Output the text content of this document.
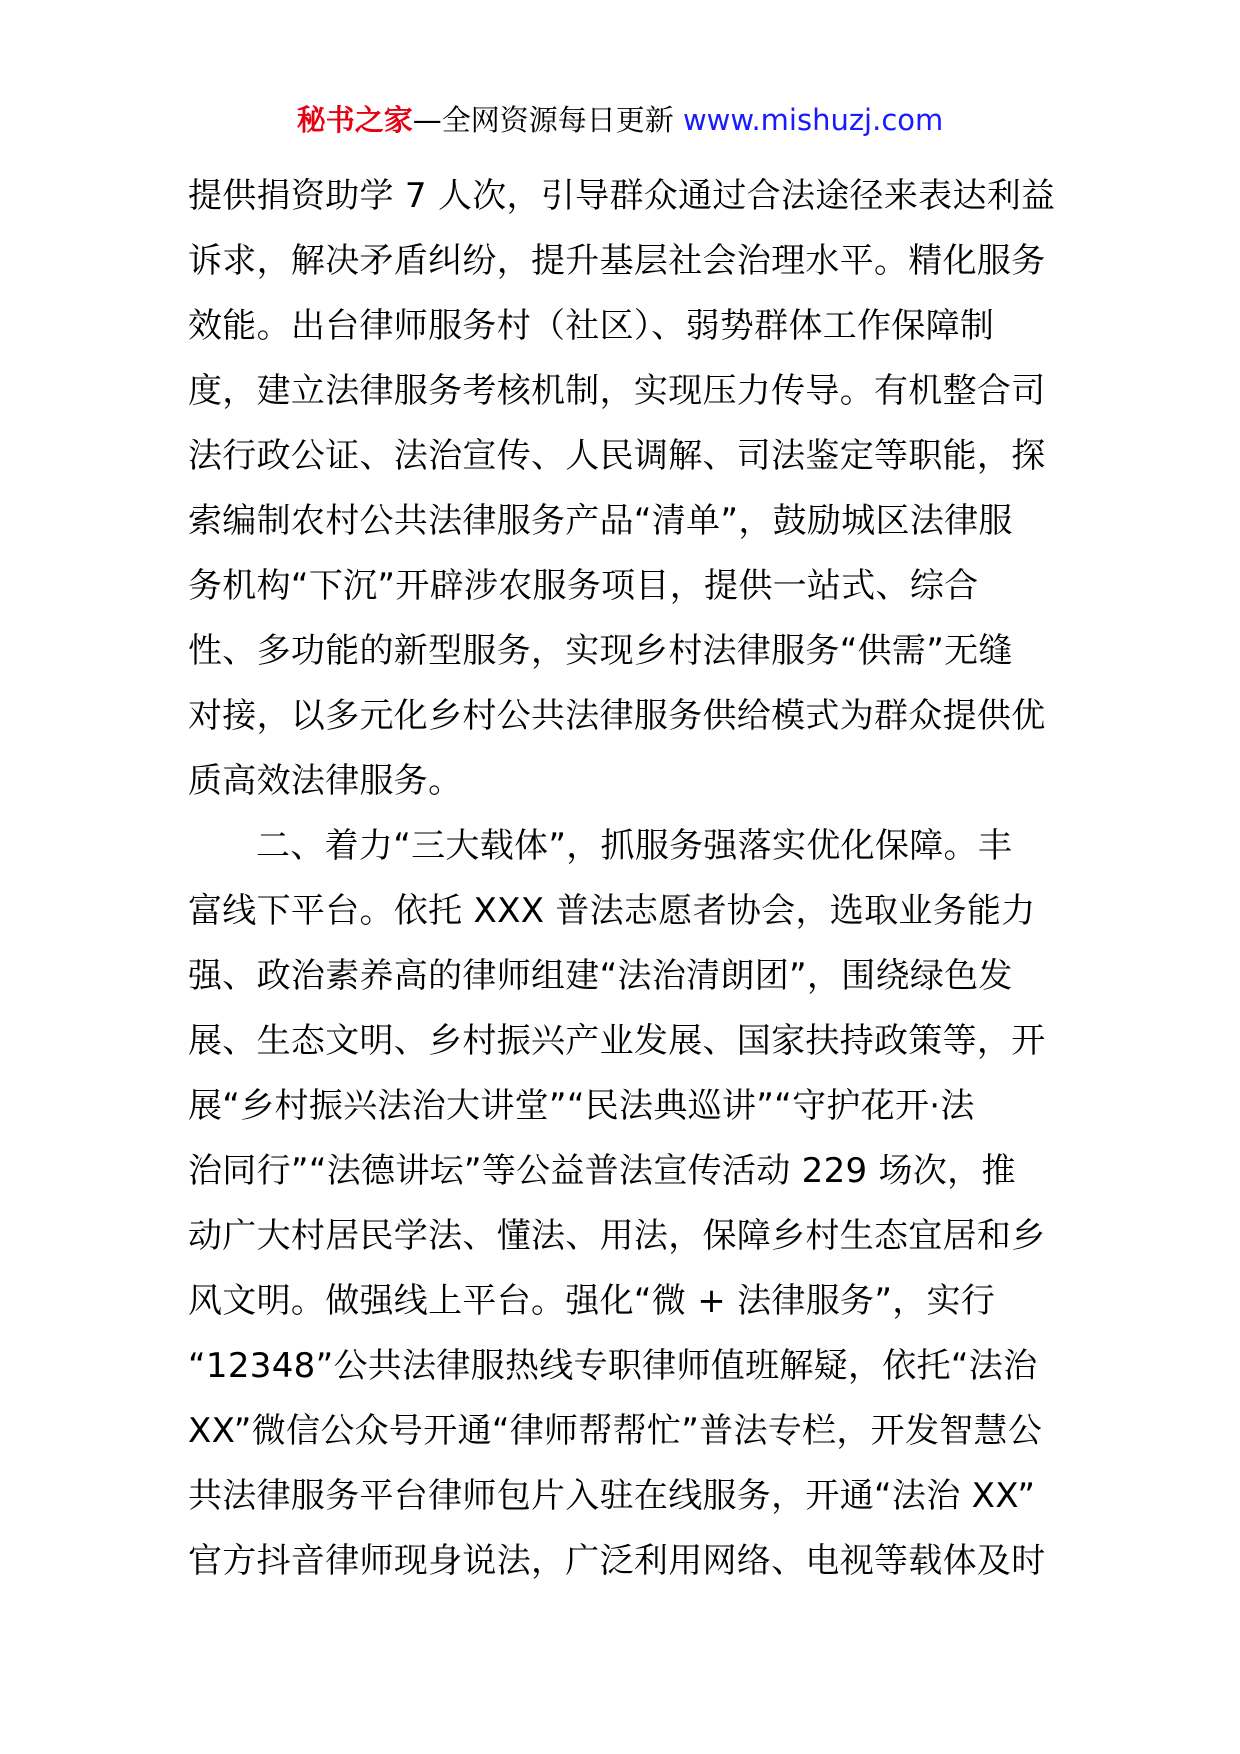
秘书之家—全网资源每日更新 www.mishuzj.com
提供捐资助学 7 人次，引导群众通过合法途径来表达利益
诉求，解决矛盾纠纷，提升基层社会治理水平。精化服务
效能。出台律师服务村（社区）、弱势群体工作保障制
度，建立法律服务考核机制，实现压力传导。有机整合司
法行政公证、法治宣传、人民调解、司法鉴定等职能，探
索编制农村公共法律服务产品“清单”，鼓励城区法律服
务机构“下沉”开辟涉农服务项目，提供一站式、综合
性、多功能的新型服务，实现乡村法律服务“供需”无缝
对接，以多元化乡村公共法律服务供给模式为群众提供优
质高效法律服务。
二、着力“三大载体”，抓服务强落实优化保障。丰
富线下平台。依托 XXX 普法志愿者协会，选取业务能力
强、政治素养高的律师组建“法治清朗团”，围绕绿色发
展、生态文明、乡村振兴产业发展、国家扶持政策等，开
展“乡村振兴法治大讲堂”“民法典巡讲”“守护花开·法
治同行”“法德讲坛”等公益普法宣传活动 229 场次，推
动广大村居民学法、懂法、用法，保障乡村生态宜居和乡
风文明。做强线上平台。强化“微 + 法律服务”，实行
“12348”公共法律服热线专职律师值班解疑，依托“法治
XX”微信公众号开通“律师帮帮忙”普法专栏，开发智慧公
共法律服务平台律师包片入驻在线服务，开通“法治 XX”
官方抖音律师现身说法，广泛利用网络、电视等载体及时
